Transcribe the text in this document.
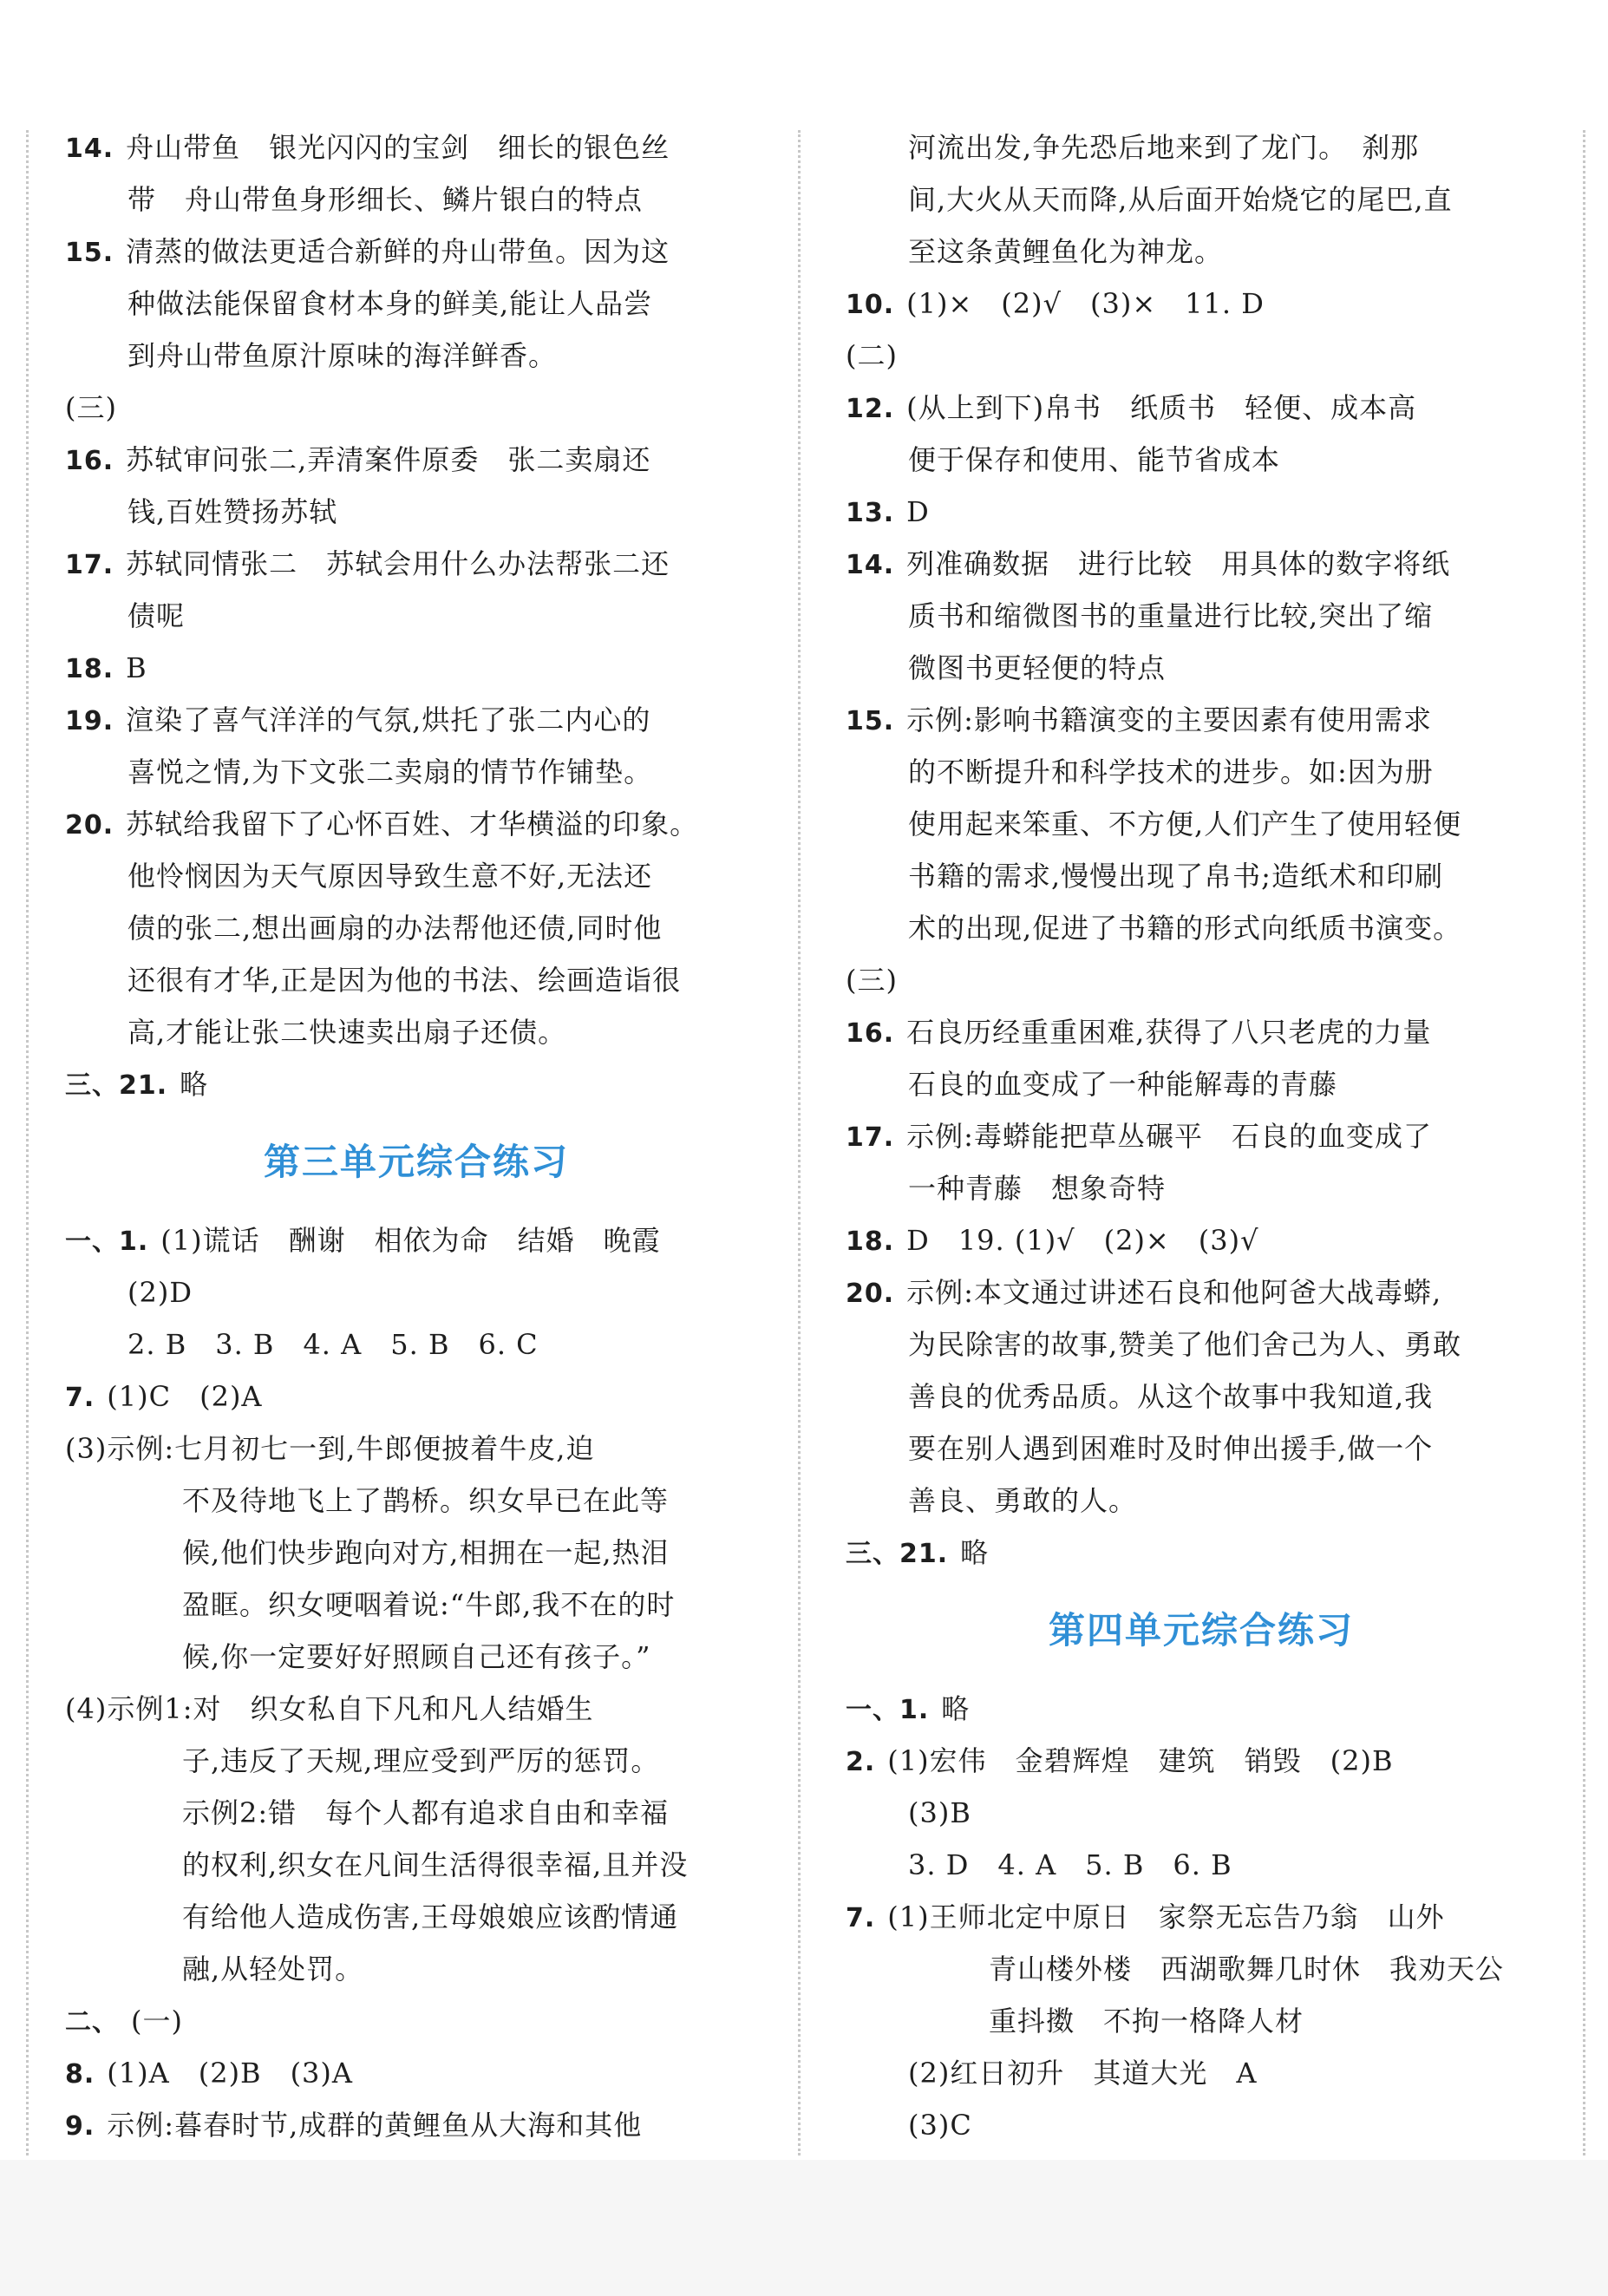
14. 舟山带鱼　银光闪闪的宝剑　细长的银色丝
带　舟山带鱼身形细长、鳞片银白的特点
15. 清蒸的做法更适合新鲜的舟山带鱼。因为这
种做法能保留食材本身的鲜美,能让人品尝
到舟山带鱼原汁原味的海洋鲜香。
(三)
16. 苏轼审问张二,弄清案件原委　张二卖扇还
钱,百姓赞扬苏轼
17. 苏轼同情张二　苏轼会用什么办法帮张二还
债呢
18. B
19. 渲染了喜气洋洋的气氛,烘托了张二内心的
喜悦之情,为下文张二卖扇的情节作铺垫。
20. 苏轼给我留下了心怀百姓、才华横溢的印象。
他怜悯因为天气原因导致生意不好,无法还
债的张二,想出画扇的办法帮他还债,同时他
还很有才华,正是因为他的书法、绘画造诣很
高,才能让张二快速卖出扇子还债。
三、21. 略
第三单元综合练习
一、1. (1)谎话　酬谢　相依为命　结婚　晚霞
(2)D
2. B　3. B　4. A　5. B　6. C
7. (1)C　(2)A
(3)示例:七月初七一到,牛郎便披着牛皮,迫
不及待地飞上了鹊桥。织女早已在此等
候,他们快步跑向对方,相拥在一起,热泪
盈眶。织女哽咽着说:“牛郎,我不在的时
候,你一定要好好照顾自己还有孩子。”
(4)示例1:对　织女私自下凡和凡人结婚生
子,违反了天规,理应受到严厉的惩罚。
示例2:错　每个人都有追求自由和幸福
的权利,织女在凡间生活得很幸福,且并没
有给他人造成伤害,王母娘娘应该酌情通
融,从轻处罚。
二、 (一)
8. (1)A　(2)B　(3)A
9. 示例:暮春时节,成群的黄鲤鱼从大海和其他
河流出发,争先恐后地来到了龙门。　刹那
间,大火从天而降,从后面开始烧它的尾巴,直
至这条黄鲤鱼化为神龙。
10. (1)×　(2)√　(3)×　11. D
(二)
12. (从上到下)帛书　纸质书　轻便、成本高
便于保存和使用、能节省成本
13. D
14. 列准确数据　进行比较　用具体的数字将纸
质书和缩微图书的重量进行比较,突出了缩
微图书更轻便的特点
15. 示例:影响书籍演变的主要因素有使用需求
的不断提升和科学技术的进步。如:因为册
使用起来笨重、不方便,人们产生了使用轻便
书籍的需求,慢慢出现了帛书;造纸术和印刷
术的出现,促进了书籍的形式向纸质书演变。
(三)
16. 石良历经重重困难,获得了八只老虎的力量
石良的血变成了一种能解毒的青藤
17. 示例:毒蟒能把草丛碾平　石良的血变成了
一种青藤　想象奇特
18. D　19. (1)√　(2)×　(3)√
20. 示例:本文通过讲述石良和他阿爸大战毒蟒,
为民除害的故事,赞美了他们舍己为人、勇敢
善良的优秀品质。从这个故事中我知道,我
要在别人遇到困难时及时伸出援手,做一个
善良、勇敢的人。
三、21. 略
第四单元综合练习
一、1. 略
2. (1)宏伟　金碧辉煌　建筑　销毁　(2)B
(3)B
3. D　4. A　5. B　6. B
7. (1)王师北定中原日　家祭无忘告乃翁　山外
青山楼外楼　西湖歌舞几时休　我劝天公
重抖擞　不拘一格降人材
(2)红日初升　其道大光　A
(3)C
